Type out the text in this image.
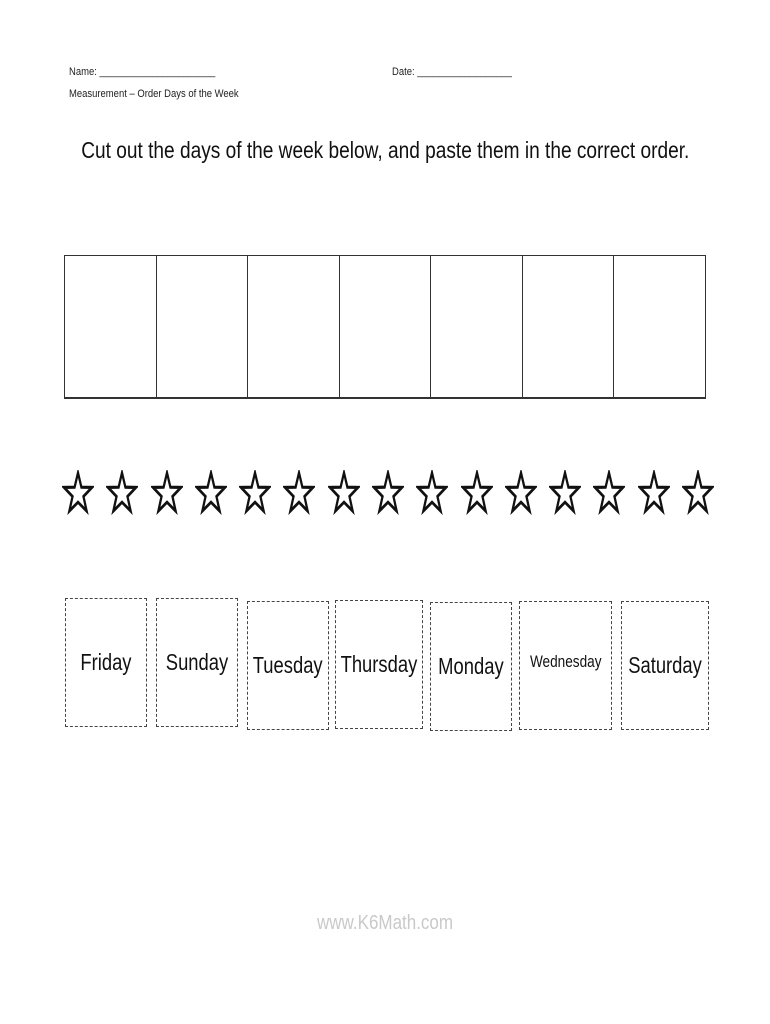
Name: ______________________	Date: __________________
Measurement – Order Days of the Week
Cut out the days of the week below, and paste them in the correct order.
Friday Sunday Tuesday Thursday Monday Wednesday Saturday
www.K6Math.com
